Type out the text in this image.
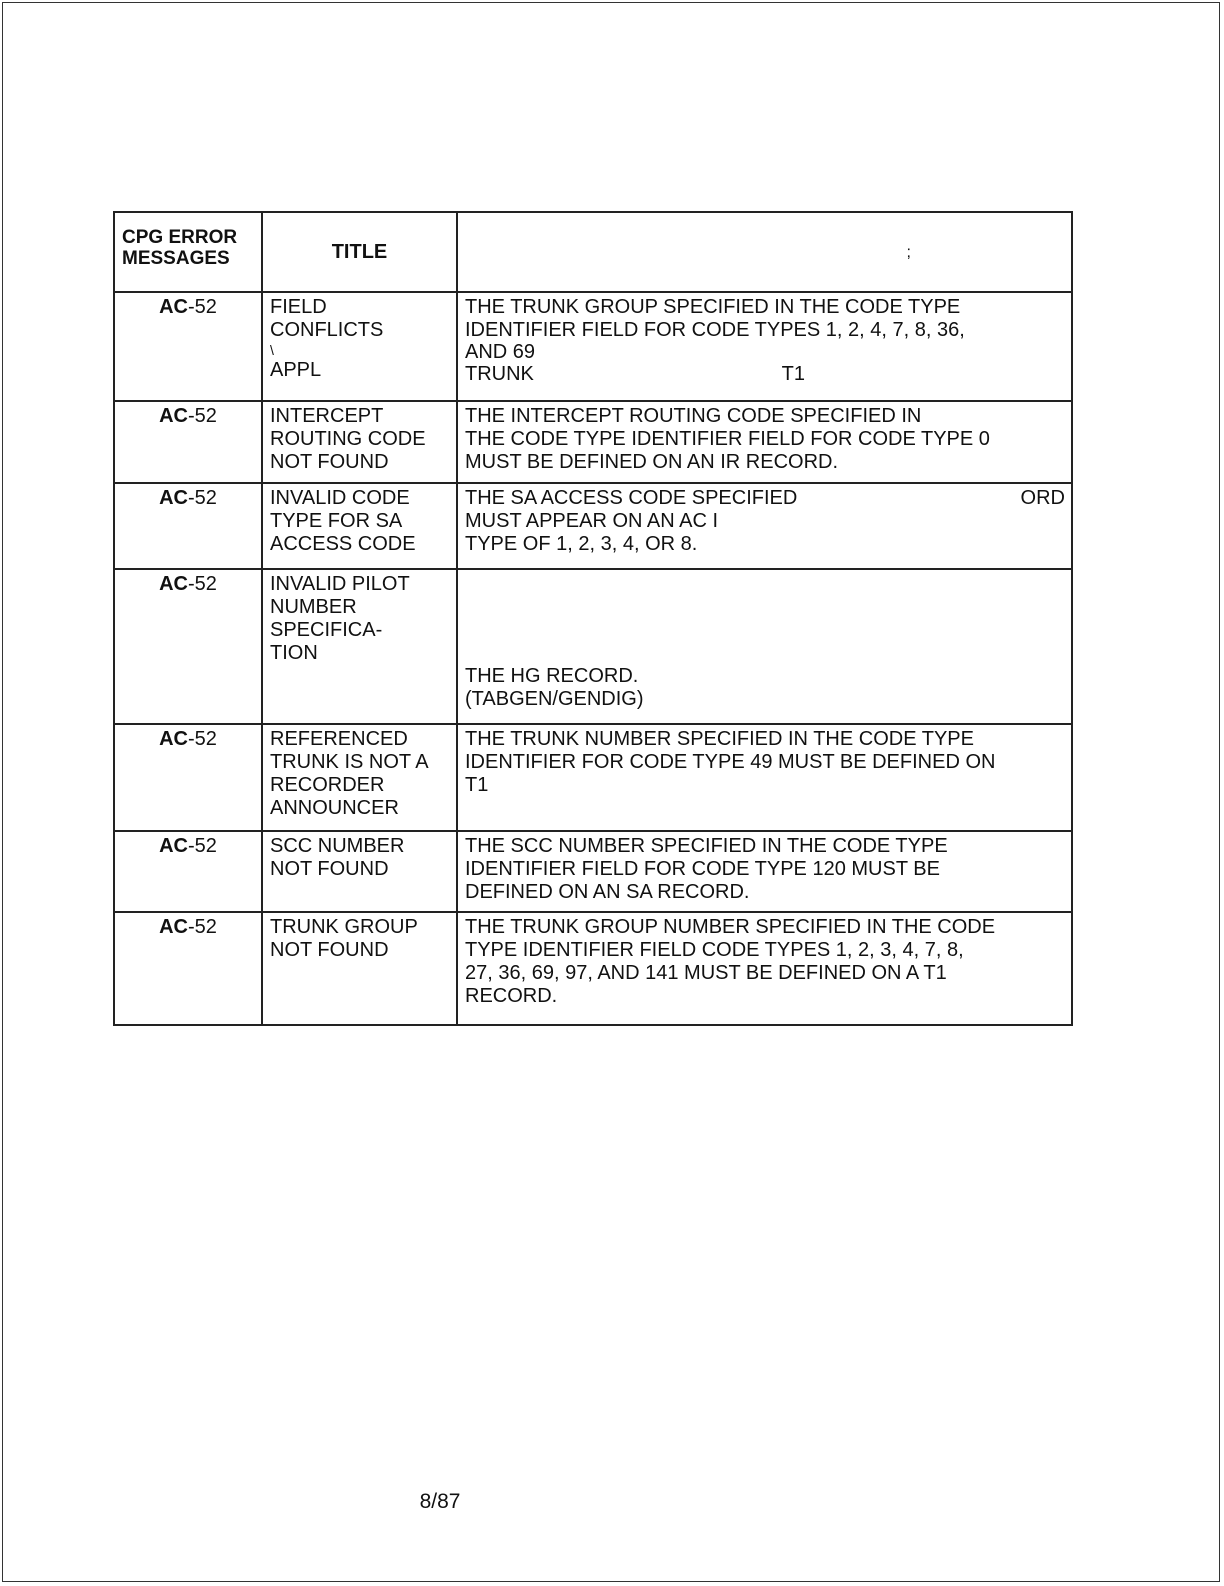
CPG ERROR
MESSAGES	TITLE	;
AC-52	FIELD
CONFLICTS
\
APPL	THE TRUNK GROUP SPECIFIED IN THE CODE TYPE
IDENTIFIER FIELD FOR CODE TYPES 1, 2, 4, 7, 8, 36,
AND 69
TRUNK T1

AC-52	INTERCEPT
ROUTING CODE
NOT FOUND	THE INTERCEPT ROUTING CODE SPECIFIED IN
THE CODE TYPE IDENTIFIER FIELD FOR CODE TYPE 0
MUST BE DEFINED ON AN IR RECORD.

AC-52	INVALID CODE
TYPE FOR SA
ACCESS CODE	THE SA ACCESS CODE SPECIFIED ORD
MUST APPEAR ON AN AC I
TYPE OF 1, 2, 3, 4, OR 8.

AC-52	INVALID PILOT
NUMBER
SPECIFICA-
TION	THE HG RECORD.
(TABGEN/GENDIG)

AC-52	REFERENCED
TRUNK IS NOT A
RECORDER
ANNOUNCER	THE TRUNK NUMBER SPECIFIED IN THE CODE TYPE
IDENTIFIER FOR CODE TYPE 49 MUST BE DEFINED ON
T1

AC-52	SCC NUMBER
NOT FOUND	THE SCC NUMBER SPECIFIED IN THE CODE TYPE
IDENTIFIER FIELD FOR CODE TYPE 120 MUST BE
DEFINED ON AN SA RECORD.

AC-52	TRUNK GROUP
NOT FOUND	THE TRUNK GROUP NUMBER SPECIFIED IN THE CODE
TYPE IDENTIFIER FIELD CODE TYPES 1, 2, 3, 4, 7, 8,
27, 36, 69, 97, AND 141 MUST BE DEFINED ON A T1
RECORD.
8/87
